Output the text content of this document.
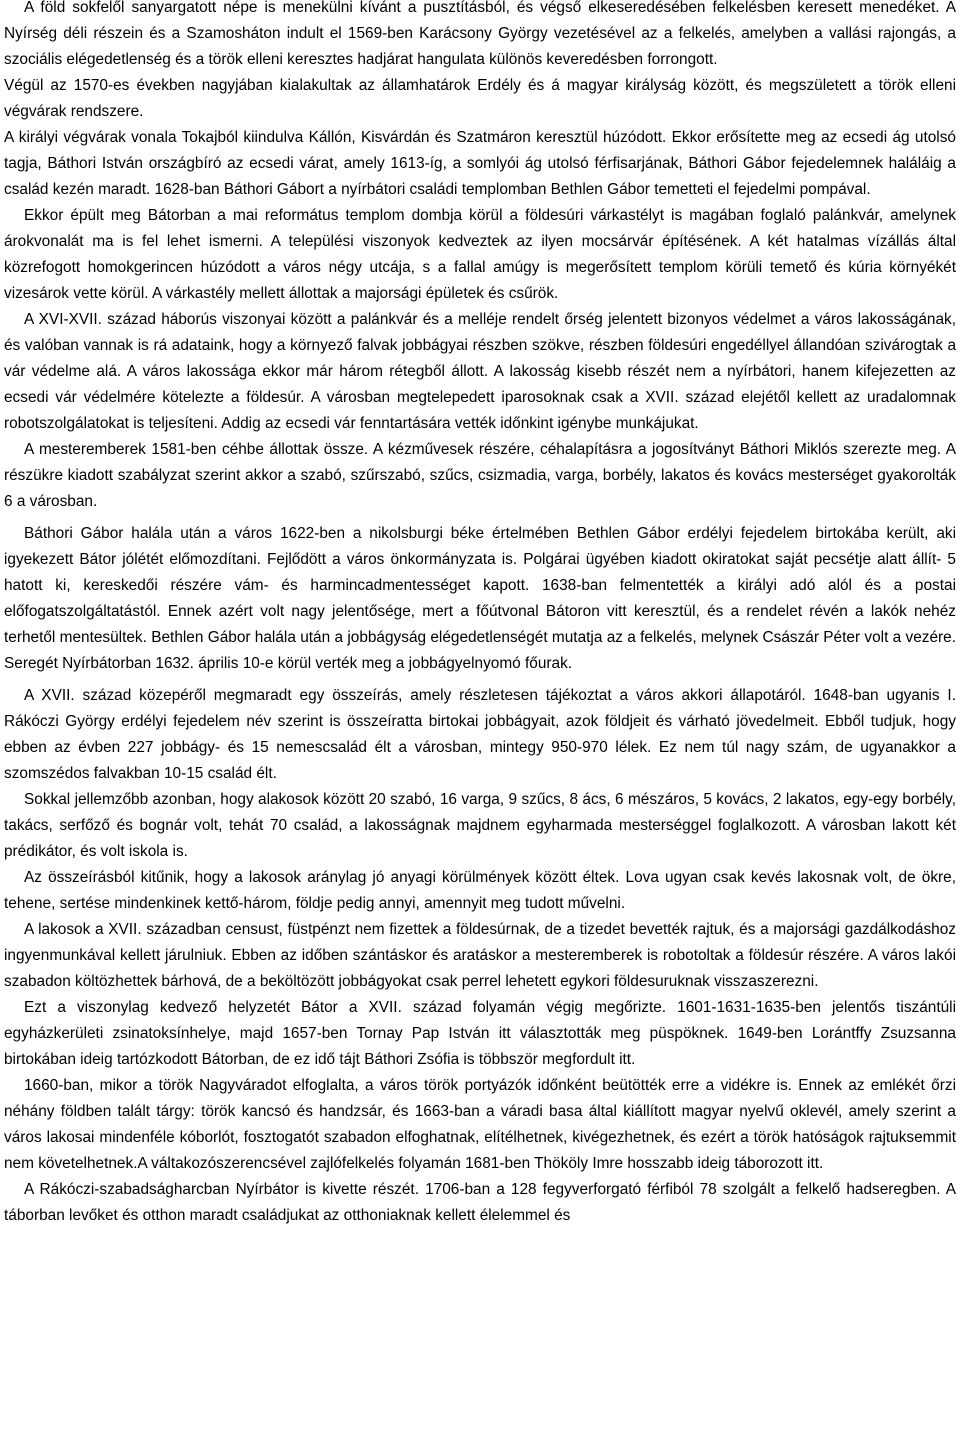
A föld sokfelől sanyargatott népe is menekülni kívánt a pusztításból, és végső elkeseredésében felkelésben keresett menedéket. A Nyírség déli részein és a Szamosháton indult el 1569-ben Karácsony György vezetésével az a felkelés, amelyben a vallási rajongás, a szociális elégedetlenség és a török elleni keresztes hadjárat hangulata különös keveredésben forrongott.

Végül az 1570-es években nagyjában kialakultak az államhatárok Erdély és á magyar királyság között, és megszületett a török elleni végvárak rendszere.

A királyi végvárak vonala Tokajból kiindulva Kállón, Kisvárdán és Szatmáron keresztül húzódott. Ekkor erősítette meg az ecsedi ág utolsó tagja, Báthori István országbíró az ecsedi várat, amely 1613-íg, a somlyói ág utolsó férfisarjának, Báthori Gábor fejedelemnek haláláig a család kezén maradt. 1628-ban Báthori Gábort a nyírbátori családi templomban Bethlen Gábor temetteti el fejedelmi pompával.

Ekkor épült meg Bátorban a mai református templom dombja körül a földesúri várkastélyt is magában foglaló palánkvár, amelynek árokvonalát ma is fel lehet ismerni. A települési viszonyok kedveztek az ilyen mocsárvár építésének. A két hatalmas vízállás által közrefogott homokgerincen húzódott a város négy utcája, s a fallal amúgy is megerősített templom körüli temető és kúria környékét vizesárok vette körül. A várkastély mellett állottak a majorsági épületek és csűrök.

A XVI-XVII. század háborús viszonyai között a palánkvár és a melléje rendelt őrség jelentett bizonyos védelmet a város lakosságának, és valóban vannak is rá adataink, hogy a környező falvak jobbágyai részben szökve, részben földesúri engedéllyel állandóan szivárogtak a vár védelme alá. A város lakossága ekkor már három rétegből állott. A lakosság kisebb részét nem a nyírbátori, hanem kifejezetten az ecsedi vár védelmére kötelezte a földesúr. A városban megtelepedett iparosoknak csak a XVII. század elejétől kellett az uradalomnak robotszolgálatokat is teljesíteni. Addig az ecsedi vár fenntartására vették időnkint igénybe munkájukat.

A mesteremberek 1581-ben céhbe állottak össze. A kézművesek részére, céhalapításra a jogosítványt Báthori Miklós szerezte meg. A részükre kiadott szabályzat szerint akkor a szabó, szűrszabó, szűcs, csizmadia, varga, borbély, lakatos és kovács mesterséget gyakorolták 6 a városban.

Báthori Gábor halála után a város 1622-ben a nikolsburgi béke értelmében Bethlen Gábor erdélyi fejedelem birtokába került, aki igyekezett Bátor jólétét előmozdítani. Fejlődött a város önkormányzata is. Polgárai ügyében kiadott okiratokat saját pecsétje alatt állít- 5 hatott ki, kereskedői részére vám- és harmincadmentességet kapott. 1638-ban felmentették a királyi adó alól és a postai előfogatszolgáltatástól. Ennek azért volt nagy jelentősége, mert a főútvonal Bátoron vitt keresztül, és a rendelet révén a lakók nehéz terhetől mentesültek. Bethlen Gábor halála után a jobbágyság elégedetlenségét mutatja az a felkelés, melynek Császár Péter volt a vezére. Seregét Nyírbátorban 1632. április 10-e körül verték meg a jobbágyelnyomó főurak.

A XVII. század közepéről megmaradt egy összeírás, amely részletesen tájékoztat a város akkori állapotáról. 1648-ban ugyanis I. Rákóczi György erdélyi fejedelem név szerint is összeíratta birtokai jobbágyait, azok földjeit és várható jövedelmeit. Ebből tudjuk, hogy ebben az évben 227 jobbágy- és 15 nemescsalád élt a városban, mintegy 950-970 lélek. Ez nem túl nagy szám, de ugyanakkor a szomszédos falvakban 10-15 család élt.

Sokkal jellemzőbb azonban, hogy alakosok között 20 szabó, 16 varga, 9 szűcs, 8 ács, 6 mészáros, 5 kovács, 2 lakatos, egy-egy borbély, takács, serfőző és bognár volt, tehát 70 család, a lakosságnak majdnem egyharmada mesterséggel foglalkozott. A városban lakott két prédikátor, és volt iskola is.

Az összeírásból kitűnik, hogy a lakosok aránylag jó anyagi körülmények között éltek. Lova ugyan csak kevés lakosnak volt, de ökre, tehene, sertése mindenkinek kettő-három, földje pedig annyi, amennyit meg tudott művelni.

A lakosok a XVII. században censust, füstpénzt nem fizettek a földesúrnak, de a tizedet bevették rajtuk, és a majorsági gazdálkodáshoz ingyenmunkával kellett járulniuk. Ebben az időben szántáskor és aratáskor a mesteremberek is robotoltak a földesúr részére. A város lakói szabadon költözhettek bárhová, de a beköltözött jobbágyokat csak perrel lehetett egykori földesuruknak visszaszerezni.

Ezt a viszonylag kedvező helyzetét Bátor a XVII. század folyamán végig megőrizte. 1601-1631-1635-ben jelentős tiszántúli egyházkerületi zsinatoksínhelye, majd 1657-ben Tornay Pap István itt választották meg püspöknek. 1649-ben Lorántffy Zsuzsanna birtokában ideig tartózkodott Bátorban, de ez idő tájt Báthori Zsófia is többször megfordult itt.

1660-ban, mikor a török Nagyváradot elfoglalta, a város török portyázók időnként beütötték erre a vidékre is. Ennek az emlékét őrzi néhány földben talált tárgy: török kancsó és handzsár, és 1663-ban a váradi basa által kiállított magyar nyelvű oklevél, amely szerint a város lakosai mindenféle kóborlót, fosztogatót szabadon elfoghatnak, elítélhetnek, kivégezhetnek, és ezért a török hatóságok rajtuksemmit nem követelhetnek.A váltakozószerencsével zajlófelkelés folyamán 1681-ben Thököly Imre hosszabb ideig táborozott itt.

A Rákóczi-szabadságharcban Nyírbátor is kivette részét. 1706-ban a 128 fegyverforgató férfiból 78 szolgált a felkelő hadseregben. A táborban levőket és otthon maradt családjukat az otthoniaknak kellett élelemmel és
